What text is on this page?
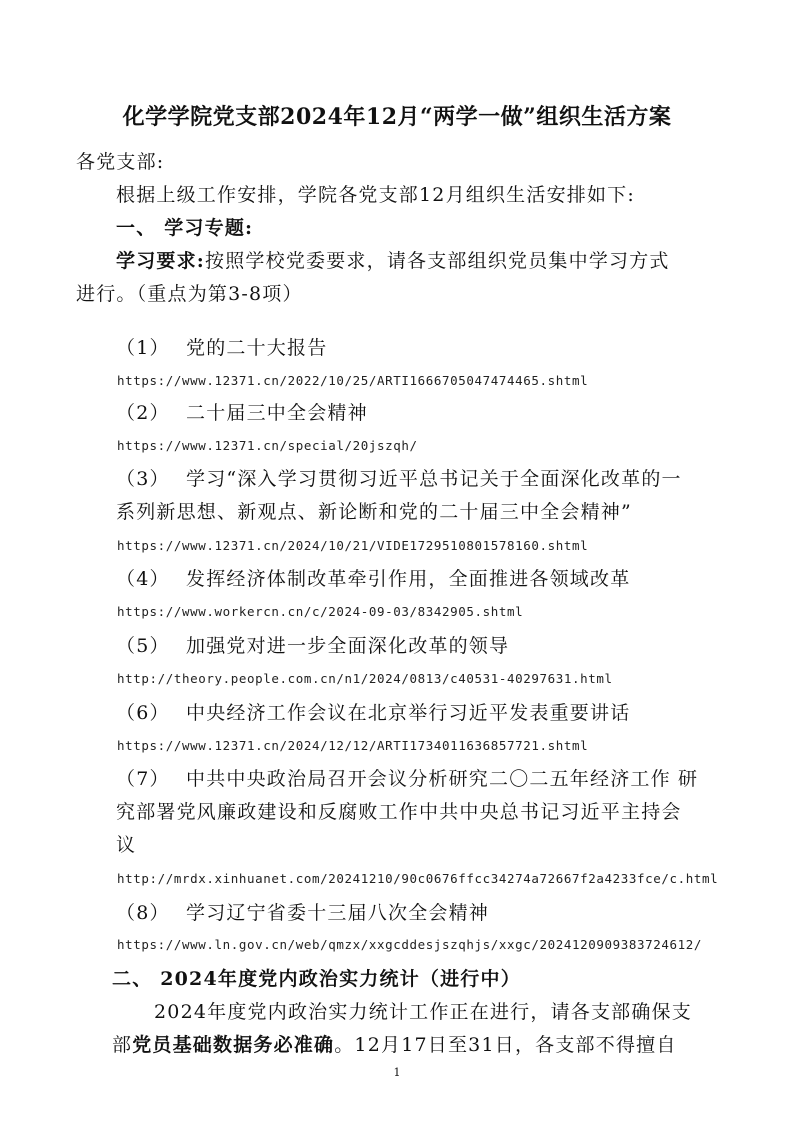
化学学院党支部2024年12月“两学一做”组织生活方案
各党支部:
根据上级工作安排，学院各党支部12月组织生活安排如下:
一、 学习专题:
学习要求:按照学校党委要求，请各支部组织党员集中学习方式
进行。（重点为第3-8项）
（1） 党的二十大报告
https://www.12371.cn/2022/10/25/ARTI1666705047474465.shtml
（2） 二十届三中全会精神
https://www.12371.cn/special/20jszqh/
（3） 学习“深入学习贯彻习近平总书记关于全面深化改革的一
系列新思想、新观点、新论断和党的二十届三中全会精神”
https://www.12371.cn/2024/10/21/VIDE1729510801578160.shtml
（4） 发挥经济体制改革牵引作用，全面推进各领域改革
https://www.workercn.cn/c/2024-09-03/8342905.shtml
（5） 加强党对进一步全面深化改革的领导
http://theory.people.com.cn/n1/2024/0813/c40531-40297631.html
（6） 中央经济工作会议在北京举行习近平发表重要讲话
https://www.12371.cn/2024/12/12/ARTI1734011636857721.shtml
（7） 中共中央政治局召开会议分析研究二〇二五年经济工作 研
究部署党风廉政建设和反腐败工作中共中央总书记习近平主持会
议
http://mrdx.xinhuanet.com/20241210/90c0676ffcc34274a72667f2a4233fce/c.html
（8） 学习辽宁省委十三届八次全会精神
https://www.ln.gov.cn/web/qmzx/xxgcddesjszqhjs/xxgc/2024120909383724612/
二、 2024年度党内政治实力统计（进行中）
2024年度党内政治实力统计工作正在进行，请各支部确保支
部党员基础数据务必准确。12月17日至31日，各支部不得擅自
1
